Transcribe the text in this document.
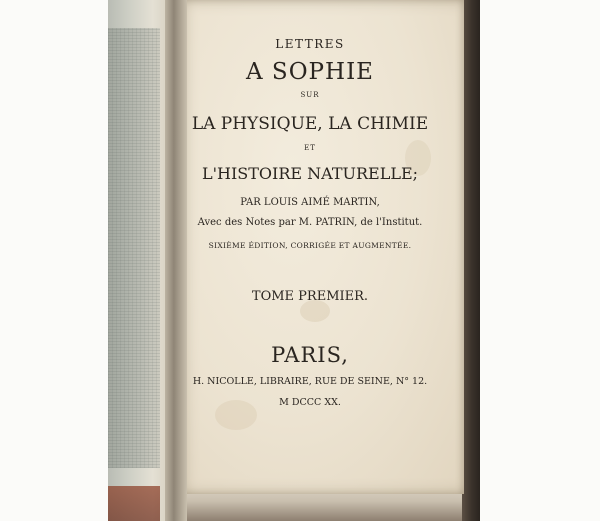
LETTRES
A SOPHIE
SUR
LA PHYSIQUE, LA CHIMIE
ET
L'HISTOIRE NATURELLE;
PAR LOUIS AIMÉ MARTIN,
Avec des Notes par M. PATRIN, de l'Institut.
SIXIÈME ÉDITION, CORRIGÉE ET AUGMENTÉE.
TOME PREMIER.
PARIS,
H. NICOLLE, LIBRAIRE, RUE DE SEINE, N° 12.
M DCCC XX.
